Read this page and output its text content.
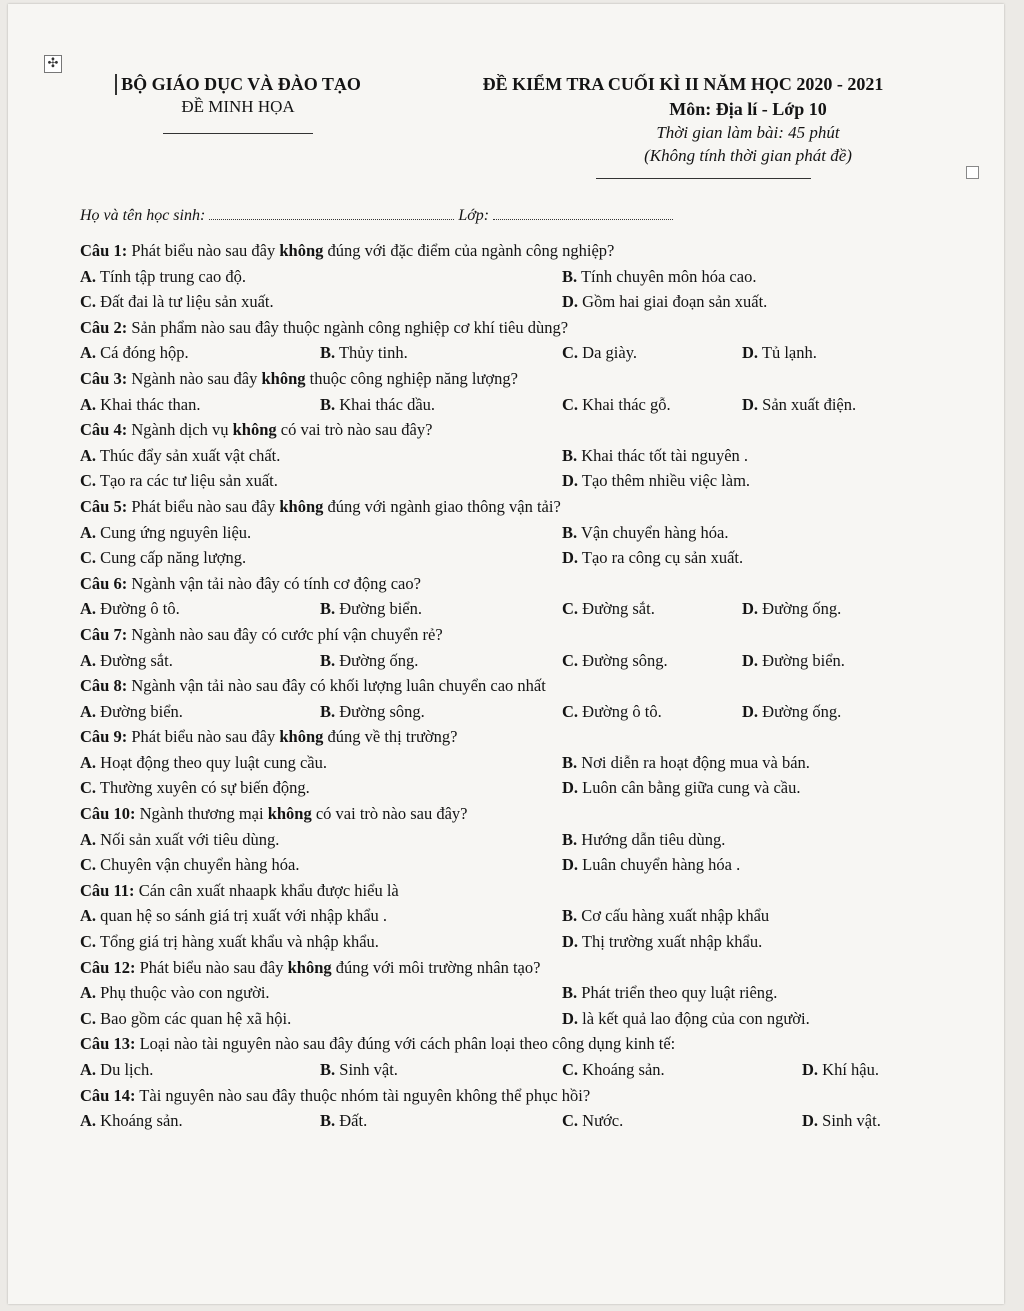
✣
BỘ GIÁO DỤC VÀ ĐÀO TẠO
ĐỀ MINH HỌA
ĐỀ KIỂM TRA CUỐI KÌ II NĂM HỌC 2020 - 2021
Môn: Địa lí - Lớp 10
Thời gian làm bài: 45 phút
(Không tính thời gian phát đề)
Họ và tên học sinh:	Lớp:
Câu 1: Phát biểu nào sau đây không đúng với đặc điểm của ngành công nghiệp?
A. Tính tập trung cao độ.	B. Tính chuyên môn hóa cao.
C. Đất đai là tư liệu sản xuất.	D. Gồm hai giai đoạn sản xuất.
Câu 2: Sản phẩm nào sau đây thuộc ngành công nghiệp cơ khí tiêu dùng?
A. Cá đóng hộp.	B. Thủy tinh.	C. Da giày.	D. Tủ lạnh.
Câu 3: Ngành nào sau đây không thuộc công nghiệp năng lượng?
A. Khai thác than.	B. Khai thác dầu.	C. Khai thác gỗ.	D. Sản xuất điện.
Câu 4: Ngành dịch vụ không có vai trò nào sau đây?
A. Thúc đẩy sản xuất vật chất.	B. Khai thác tốt tài nguyên .
C. Tạo ra các tư liệu sản xuất.	D. Tạo thêm nhiều việc làm.
Câu 5: Phát biểu nào sau đây không đúng với ngành giao thông vận tải?
A. Cung ứng nguyên liệu.	B. Vận chuyển hàng hóa.
C. Cung cấp năng lượng.	D. Tạo ra công cụ sản xuất.
Câu 6: Ngành vận tải nào đây có tính cơ động cao?
A. Đường ô tô.	B. Đường biển.	C. Đường sắt.	D. Đường ống.
Câu 7: Ngành nào sau đây có cước phí vận chuyển rẻ?
A. Đường sắt.	B. Đường ống.	C. Đường sông.	D. Đường biển.
Câu 8: Ngành vận tải nào sau đây có khối lượng luân chuyển cao nhất
A. Đường biển.	B. Đường sông.	C. Đường ô tô.	D. Đường ống.
Câu 9: Phát biểu nào sau đây không đúng về thị trường?
A. Hoạt động theo quy luật cung cầu.	B. Nơi diễn ra hoạt động mua và bán.
C. Thường xuyên có sự biến động.	D. Luôn cân bằng giữa cung và cầu.
Câu 10: Ngành thương mại không có vai trò nào sau đây?
A. Nối sản xuất với tiêu dùng.	B. Hướng dẫn tiêu dùng.
C. Chuyên vận chuyển hàng hóa.	D. Luân chuyển hàng hóa .
Câu 11: Cán cân xuất nhaapk khẩu được hiểu là
A. quan hệ so sánh giá trị xuất với nhập khẩu .	B. Cơ cấu hàng xuất nhập khẩu
C. Tổng giá trị hàng xuất khẩu và nhập khẩu.	D. Thị trường xuất nhập khẩu.
Câu 12: Phát biểu nào sau đây không đúng với môi trường nhân tạo?
A. Phụ thuộc vào con người.	B. Phát triển theo quy luật riêng.
C. Bao gồm các quan hệ xã hội.	D. là kết quả lao động của con người.
Câu 13: Loại nào tài nguyên nào sau đây đúng với cách phân loại theo công dụng kinh tế:
A. Du lịch.	B. Sinh vật.	C. Khoáng sản.	D. Khí hậu.
Câu 14: Tài nguyên nào sau đây thuộc nhóm tài nguyên không thể phục hồi?
A. Khoáng sản.	B. Đất.	C. Nước.	D. Sinh vật.
